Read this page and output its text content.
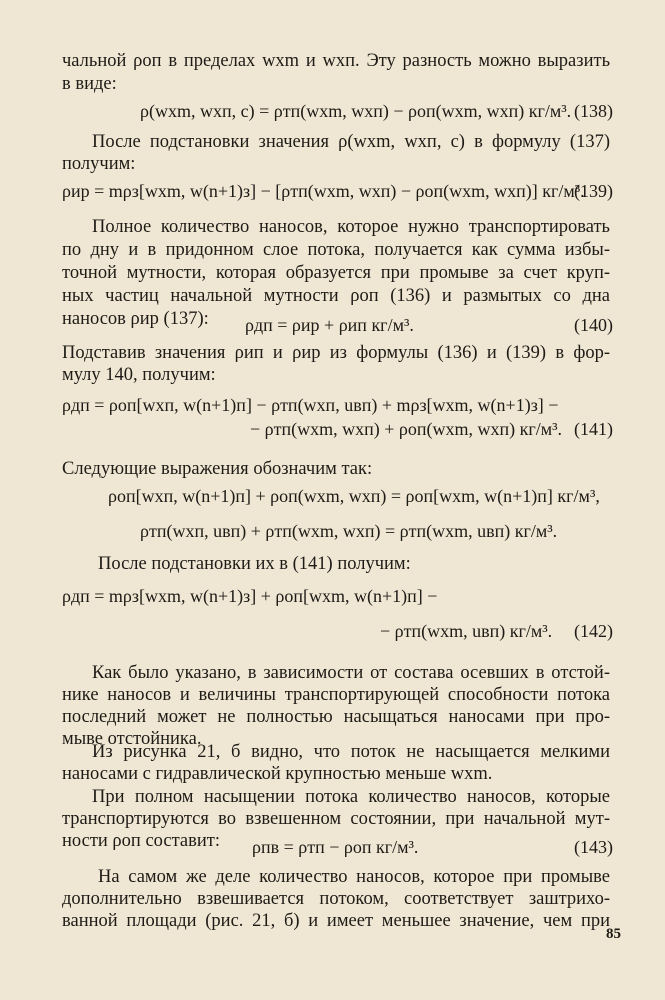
чальной ρоп в пределах wxm и wxп. Эту разность можно выразить
в виде:
ρ(wxm, wxп, c) = ρтп(wxm, wxп) − ρоп(wxm, wxп) кг/м³. (138)
После подстановки значения ρ(wxm, wxп, c) в формулу (137)
получим:
ρир = mρз[wxm, w(n+1)з] − [ρтп(wxm, wxп) − ρоп(wxm, wxп)] кг/м³.
(139)
Полное количество наносов, которое нужно транспортировать
по дну и в придонном слое потока, получается как сумма избы-
точной мутности, которая образуется при промыве за счет круп-
ных частиц начальной мутности ρоп (136) и размытых со дна
наносов ρир (137):	ρдп = ρир + ρип кг/м³.	(140)
Подставив значения ρип и ρир из формулы (136) и (139) в фор-
мулу 140, получим:
ρдп = ρоп[wxп, w(n+1)п] − ρтп(wxп, uвп) + mρз[wxm, w(n+1)з] −
− ρтп(wxm, wxп) + ρоп(wxm, wxп) кг/м³. (141)
Следующие выражения обозначим так:
ρоп[wxп, w(n+1)п] + ρоп(wxm, wxп) = ρоп[wxm, w(n+1)п] кг/м³,
ρтп(wxп, uвп) + ρтп(wxm, wxп) = ρтп(wxm, uвп) кг/м³.
После подстановки их в (141) получим:
ρдп = mρз[wxm, w(n+1)з] + ρоп[wxm, w(n+1)п] −
− ρтп(wxm, uвп) кг/м³. (142)
Как было указано, в зависимости от состава осевших в отстой-
нике наносов и величины транспортирующей способности потока
последний может не полностью насыщаться наносами при про-
мыве отстойника.
Из рисунка 21, б видно, что поток не насыщается мелкими
наносами с гидравлической крупностью меньше wxm.
При полном насыщении потока количество наносов, которые
транспортируются во взвешенном состоянии, при начальной мут-
ности ρоп составит:	ρпв = ρтп − ρоп кг/м³.	(143)
На самом же деле количество наносов, которое при промыве
дополнительно взвешивается потоком, соответствует заштрихо-
ванной площади (рис. 21, б) и имеет меньшее значение, чем при
85
